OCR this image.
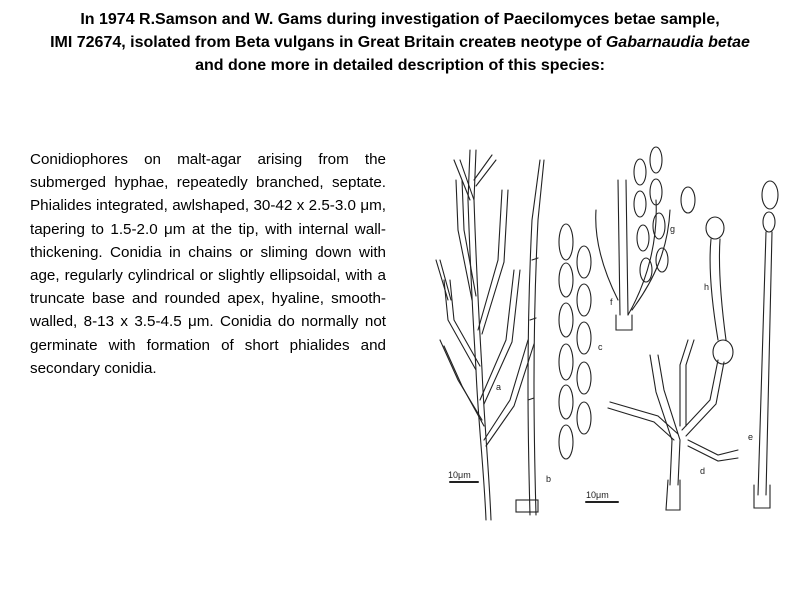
In 1974 R.Samson and W. Gams during investigation of Paecilomyces betae sample,
IMI 72674, isolated from Beta vulgans in Great Britain createв neotype of Gabarnaudia betae
and done more in detailed description of this species:
Conidiophores on malt-agar arising from the submerged hyphae, repeatedly branched, septate. Phialides integrated, awlshaped, 30-42 x 2.5-3.0 μm, tapering to 1.5-2.0 μm at the tip, with internal wall-thickening. Conidia in chains or sliming down with age, regularly cylindrical or slightly ellipsoidal, with a truncate base and rounded apex, hyaline, smooth-walled, 8-13 x 3.5-4.5 μm. Conidia do normally not germinate with formation of short phialides and secondary conidia.
10μm
10μm
a
b
c
d
e
f
g
h
